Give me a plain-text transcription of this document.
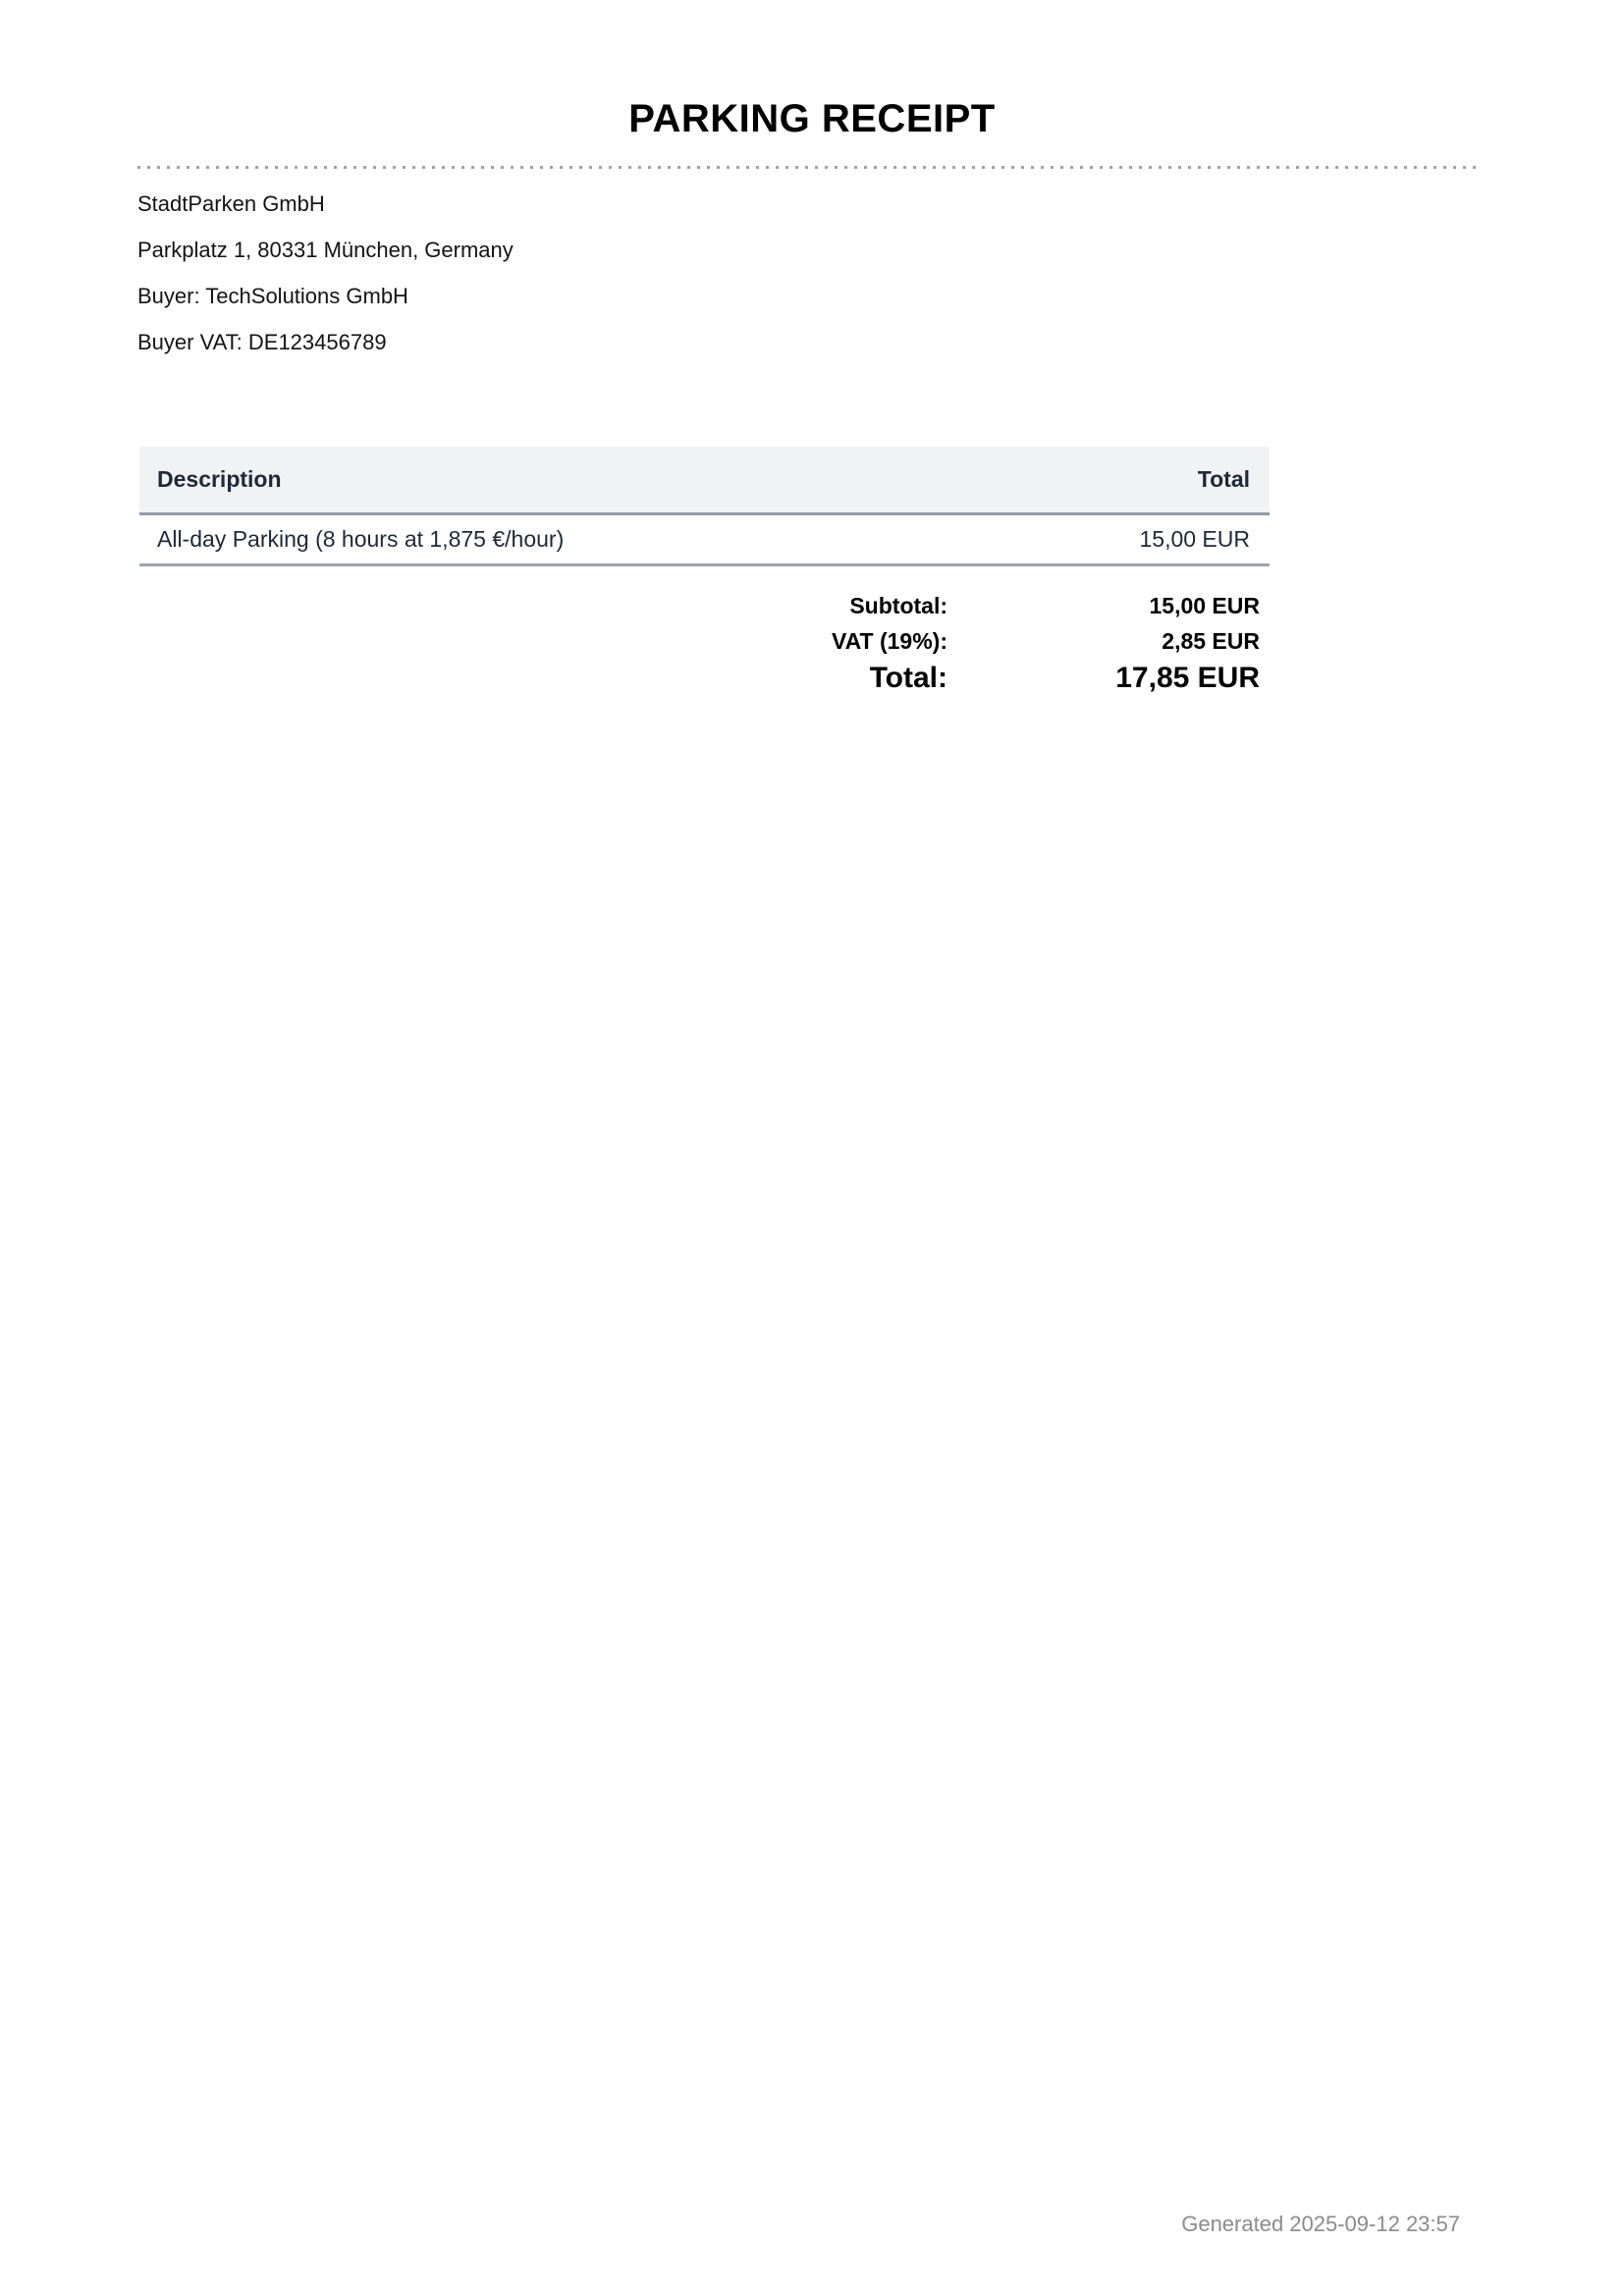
PARKING RECEIPT
StadtParken GmbH
Parkplatz 1, 80331 München, Germany
Buyer: TechSolutions GmbH
Buyer VAT: DE123456789
Description	Total
All-day Parking (8 hours at 1,875 €/hour)	15,00 EUR
Subtotal:	15,00 EUR
VAT (19%):	2,85 EUR
Total:	17,85 EUR
Generated 2025-09-12 23:57
